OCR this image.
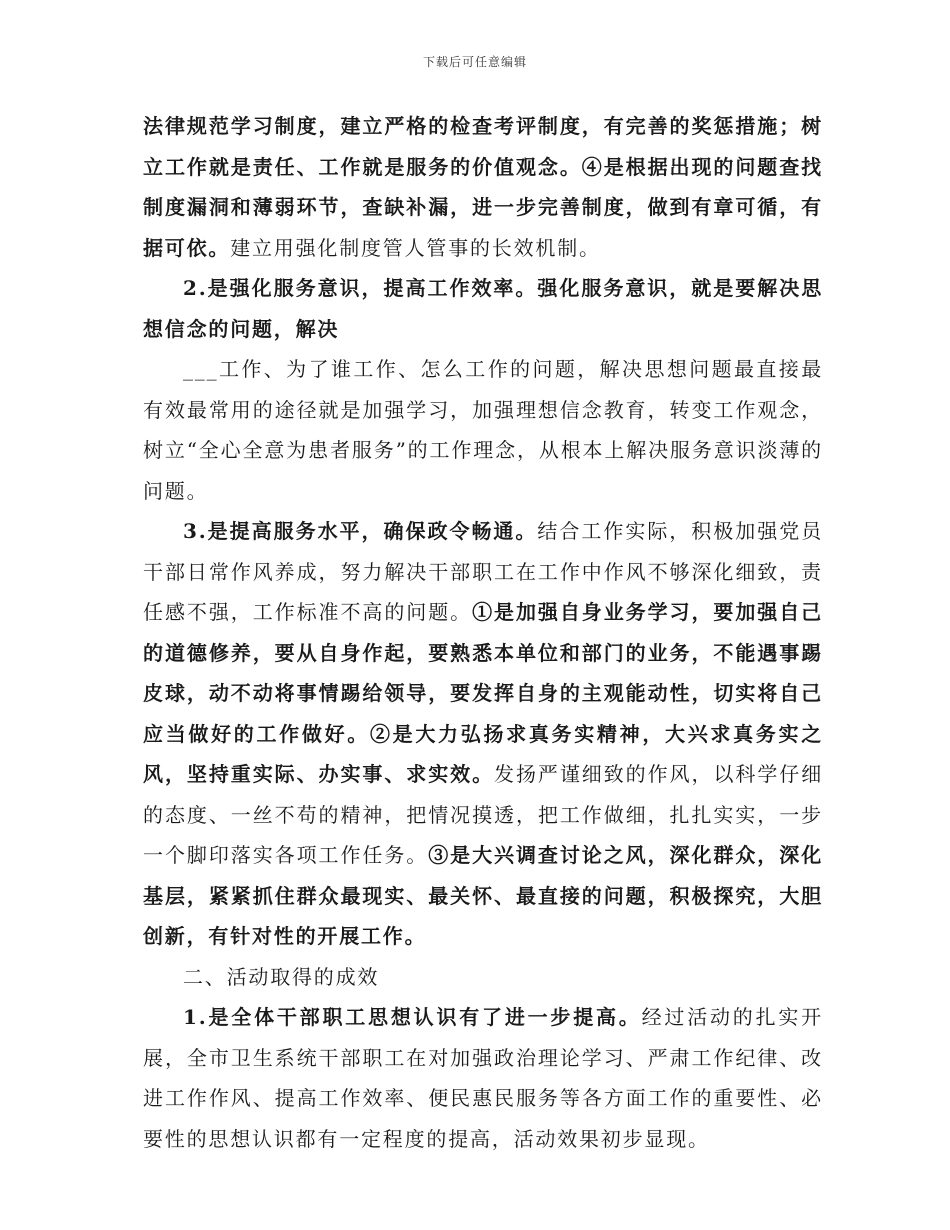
下载后可任意编辑

法律规范学习制度，建立严格的检查考评制度，有完善的奖惩措施；树立工作就是责任、工作就是服务的价值观念。④是根据出现的问题查找制度漏洞和薄弱环节，查缺补漏，进一步完善制度，做到有章可循，有据可依。建立用强化制度管人管事的长效机制。

2.是强化服务意识，提高工作效率。强化服务意识，就是要解决思想信念的问题，解决

___工作、为了谁工作、怎么工作的问题，解决思想问题最直接最有效最常用的途径就是加强学习，加强理想信念教育，转变工作观念，树立“全心全意为患者服务”的工作理念，从根本上解决服务意识淡薄的问题。

3.是提高服务水平，确保政令畅通。结合工作实际，积极加强党员干部日常作风养成，努力解决干部职工在工作中作风不够深化细致，责任感不强，工作标准不高的问题。①是加强自身业务学习，要加强自己的道德修养，要从自身作起，要熟悉本单位和部门的业务，不能遇事踢皮球，动不动将事情踢给领导，要发挥自身的主观能动性，切实将自己应当做好的工作做好。②是大力弘扬求真务实精神，大兴求真务实之风，坚持重实际、办实事、求实效。发扬严谨细致的作风，以科学仔细的态度、一丝不苟的精神，把情况摸透，把工作做细，扎扎实实，一步一个脚印落实各项工作任务。③是大兴调查讨论之风，深化群众，深化基层，紧紧抓住群众最现实、最关怀、最直接的问题，积极探究，大胆创新，有针对性的开展工作。

二、活动取得的成效

1.是全体干部职工思想认识有了进一步提高。经过活动的扎实开展，全市卫生系统干部职工在对加强政治理论学习、严肃工作纪律、改进工作作风、提高工作效率、便民惠民服务等各方面工作的重要性、必要性的思想认识都有一定程度的提高，活动效果初步显现。
